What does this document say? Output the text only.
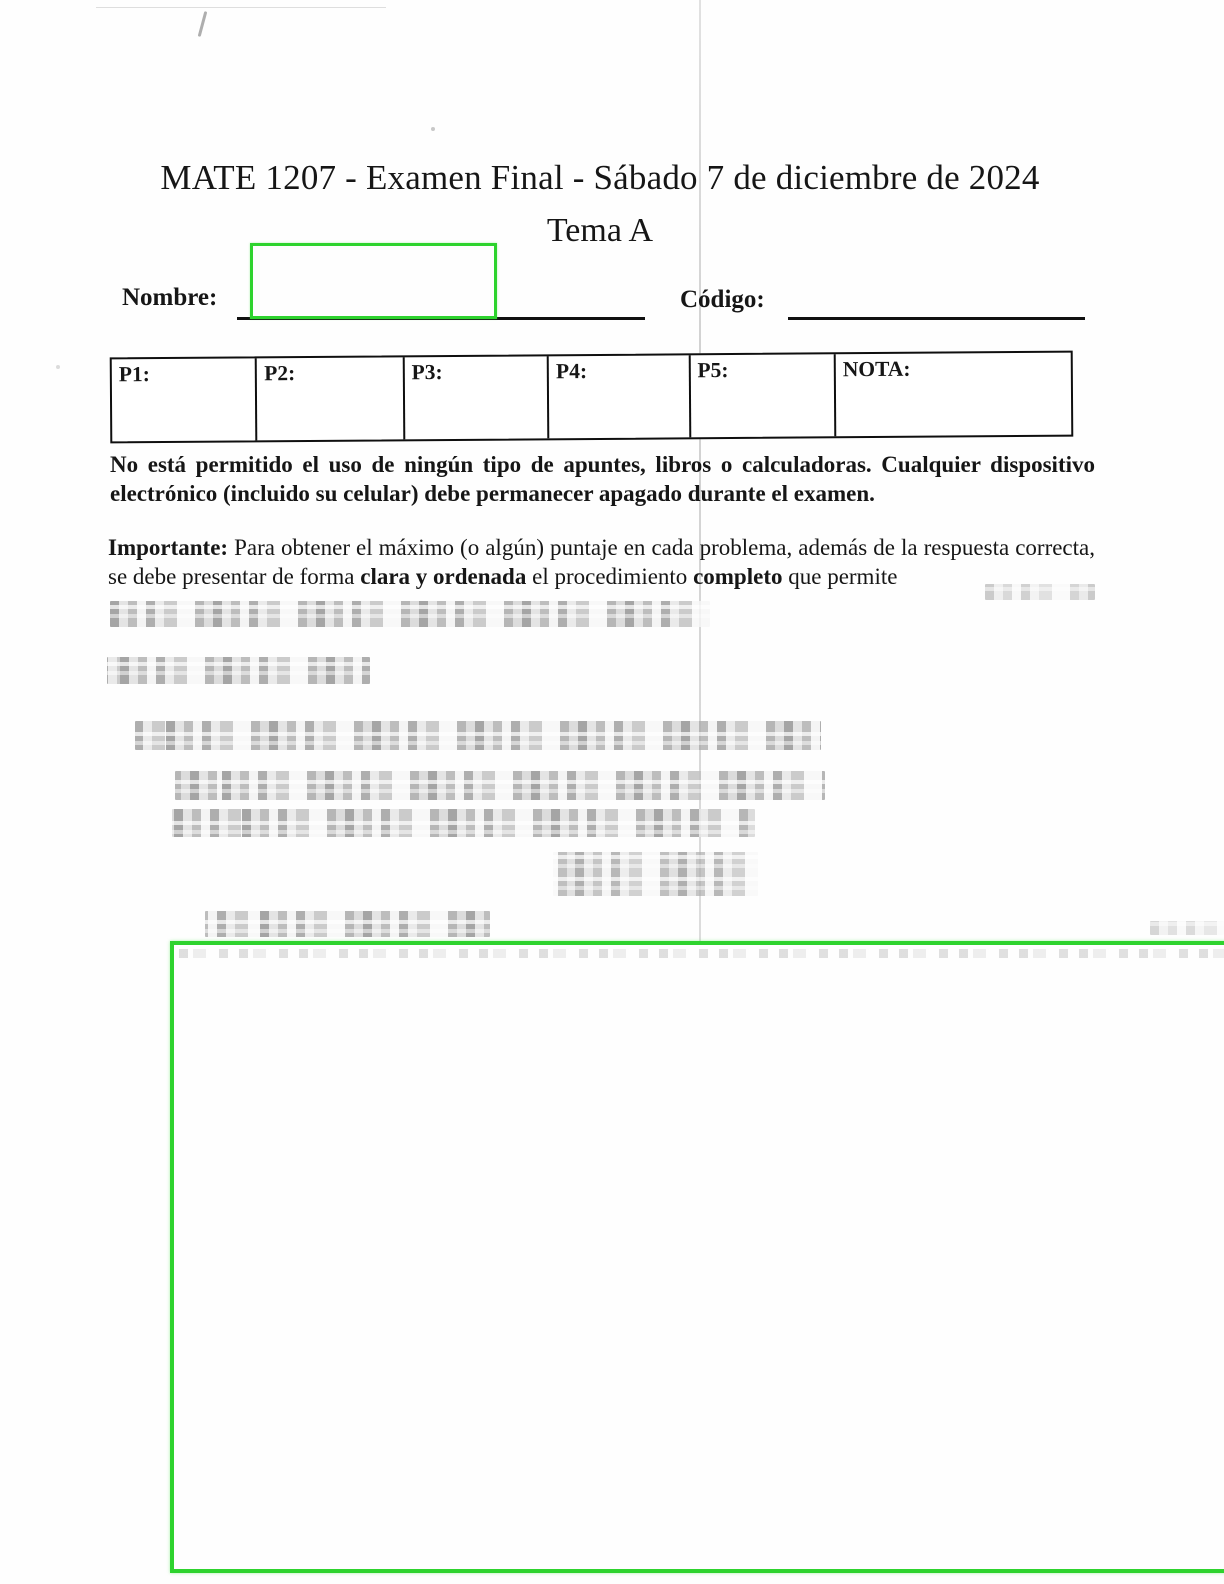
MATE 1207 - Examen Final - Sábado 7 de diciembre de 2024
Tema A
Nombre:	Código:
P1:	P2:	P3:	P4:	P5:	NOTA:

No está permitido el uso de ningún tipo de apuntes, libros o calculadoras. Cualquier dispositivo electrónico (incluido su celular) debe permanecer apagado durante el examen.

Importante: Para obtener el máximo (o algún) puntaje en cada problema, además de la respuesta correcta, se debe presentar de forma clara y ordenada el procedimiento completo que permite
